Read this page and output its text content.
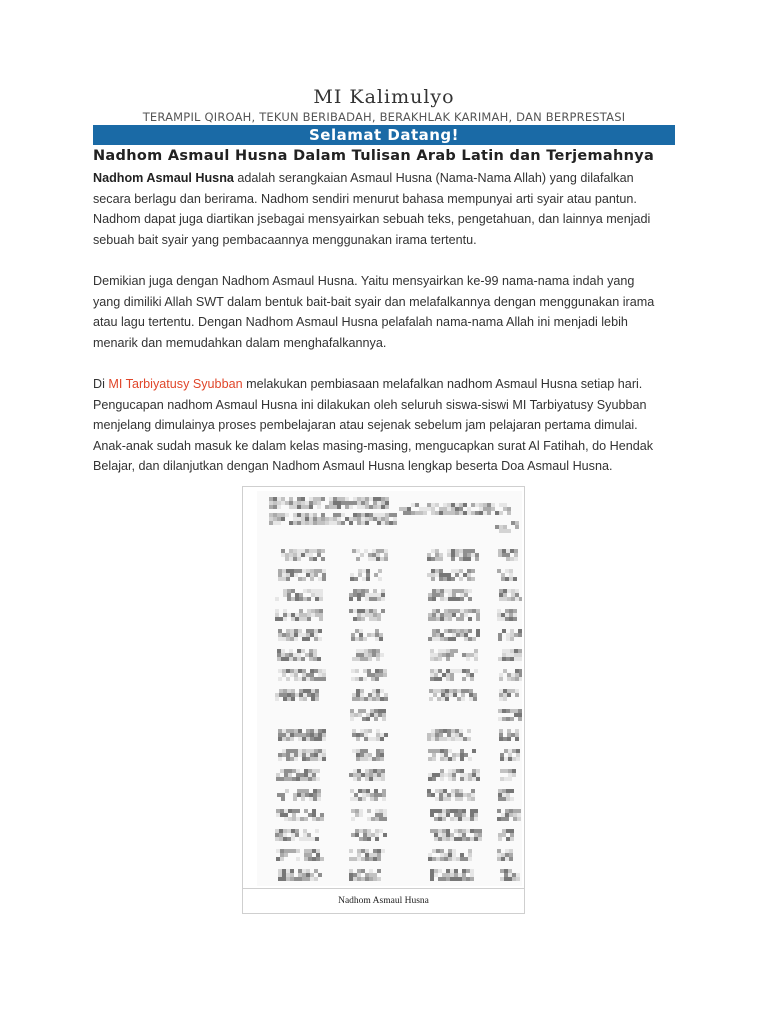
MI Kalimulyo
TERAMPIL QIROAH, TEKUN BERIBADAH, BERAKHLAK KARIMAH, DAN BERPRESTASI
Selamat Datang!
Nadhom Asmaul Husna Dalam Tulisan Arab Latin dan Terjemahnya

Nadhom Asmaul Husna adalah serangkaian Asmaul Husna (Nama-Nama Allah) yang dilafalkan secara berlagu dan berirama. Nadhom sendiri menurut bahasa mempunyai arti syair atau pantun. Nadhom dapat juga diartikan jsebagai mensyairkan sebuah teks, pengetahuan, dan lainnya menjadi sebuah bait syair yang pembacaannya menggunakan irama tertentu.

Demikian juga dengan Nadhom Asmaul Husna. Yaitu mensyairkan ke-99 nama-nama indah yang yang dimiliki Allah SWT dalam bentuk bait-bait syair dan melafalkannya dengan menggunakan irama atau lagu tertentu. Dengan Nadhom Asmaul Husna pelafalah nama-nama Allah ini menjadi lebih menarik dan memudahkan dalam menghafalkannya.

Di MI Tarbiyatusy Syubban melakukan pembiasaan melafalkan nadhom Asmaul Husna setiap hari. Pengucapan nadhom Asmaul Husna ini dilakukan oleh seluruh siswa-siswi MI Tarbiyatusy Syubban menjelang dimulainya proses pembelajaran atau sejenak sebelum jam pelajaran pertama dimulai. Anak-anak sudah masuk ke dalam kelas masing-masing, mengucapkan surat Al Fatihah, do Hendak Belajar, dan dilanjutkan dengan Nadhom Asmaul Husna lengkap beserta Doa Asmaul Husna.

Nadhom Asmaul Husna
